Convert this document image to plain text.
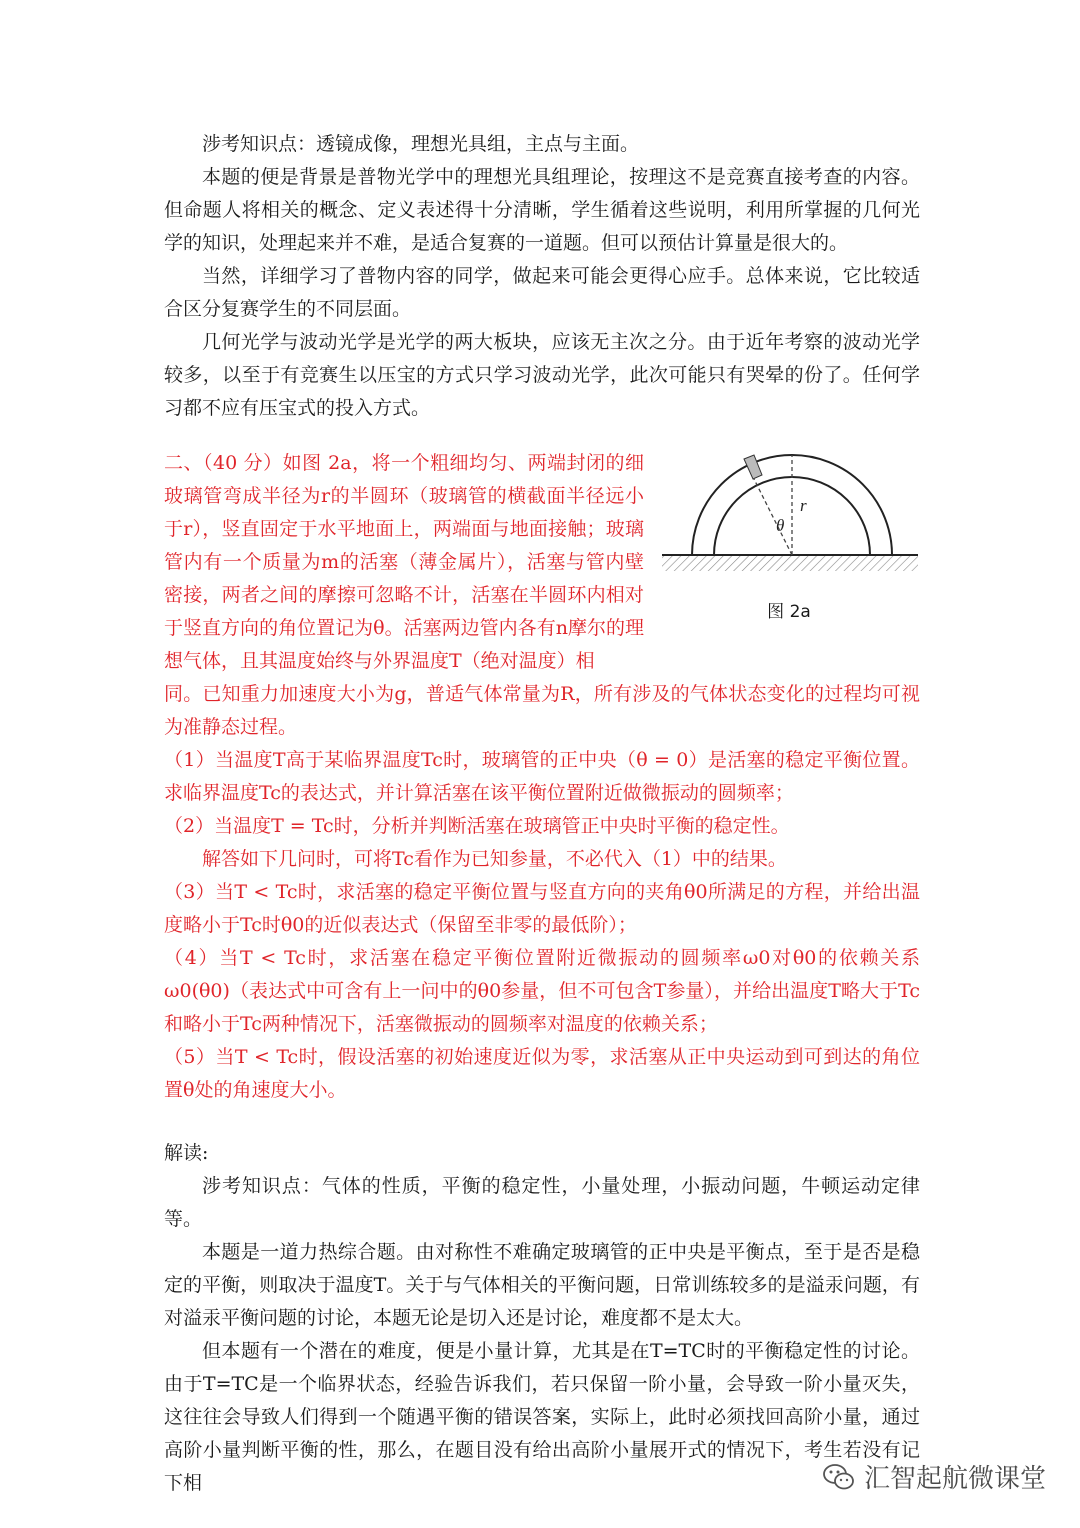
涉考知识点：透镜成像，理想光具组，主点与主面。

本题的便是背景是普物光学中的理想光具组理论，按理这不是竞赛直接考查的内容。但命题人将相关的概念、定义表述得十分清晰，学生循着这些说明，利用所掌握的几何光学的知识，处理起来并不难，是适合复赛的一道题。但可以预估计算量是很大的。

当然，详细学习了普物内容的同学，做起来可能会更得心应手。总体来说，它比较适合区分复赛学生的不同层面。

几何光学与波动光学是光学的两大板块，应该无主次之分。由于近年考察的波动光学较多，以至于有竞赛生以压宝的方式只学习波动光学，此次可能只有哭晕的份了。任何学习都不应有压宝式的投入方式。

二、（40 分）如图 2a，将一个粗细均匀、两端封闭的细玻璃管弯成半径为r的半圆环（玻璃管的横截面半径远小于r），竖直固定于水平地面上，两端面与地面接触；玻璃管内有一个质量为m的活塞（薄金属片），活塞与管内壁密接，两者之间的摩擦可忽略不计，活塞在半圆环内相对于竖直方向的角位置记为θ。活塞两边管内各有n摩尔的理想气体，且其温度始终与外界温度T（绝对温度）相

r
θ
图 2a

同。已知重力加速度大小为g，普适气体常量为R，所有涉及的气体状态变化的过程均可视为准静态过程。

（1）当温度T高于某临界温度Tc时，玻璃管的正中央（θ = 0）是活塞的稳定平衡位置。求临界温度Tc的表达式，并计算活塞在该平衡位置附近做微振动的圆频率；

（2）当温度T = Tc时，分析并判断活塞在玻璃管正中央时平衡的稳定性。

解答如下几问时，可将Tc看作为已知参量，不必代入（1）中的结果。

（3）当T < Tc时，求活塞的稳定平衡位置与竖直方向的夹角θ0所满足的方程，并给出温度略小于Tc时θ0的近似表达式（保留至非零的最低阶）；

（4）当T < Tc时，求活塞在稳定平衡位置附近微振动的圆频率ω0对θ0的依赖关系ω0(θ0)（表达式中可含有上一问中的θ0参量，但不可包含T参量），并给出温度T略大于Tc和略小于Tc两种情况下，活塞微振动的圆频率对温度的依赖关系；

（5）当T < Tc时，假设活塞的初始速度近似为零，求活塞从正中央运动到可到达的角位置θ处的角速度大小。

解读:

涉考知识点：气体的性质，平衡的稳定性，小量处理，小振动问题，牛顿运动定律等。

本题是一道力热综合题。由对称性不难确定玻璃管的正中央是平衡点，至于是否是稳定的平衡，则取决于温度T。关于与气体相关的平衡问题，日常训练较多的是溢汞问题，有对溢汞平衡问题的讨论，本题无论是切入还是讨论，难度都不是太大。

但本题有一个潜在的难度，便是小量计算，尤其是在T=TC时的平衡稳定性的讨论。由于T=TC是一个临界状态，经验告诉我们，若只保留一阶小量，会导致一阶小量灭失，这往往会导致人们得到一个随遇平衡的错误答案，实际上，此时必须找回高阶小量，通过高阶小量判断平衡的性，那么，在题目没有给出高阶小量展开式的情况下，考生若没有记下相	汇智起航微课堂
